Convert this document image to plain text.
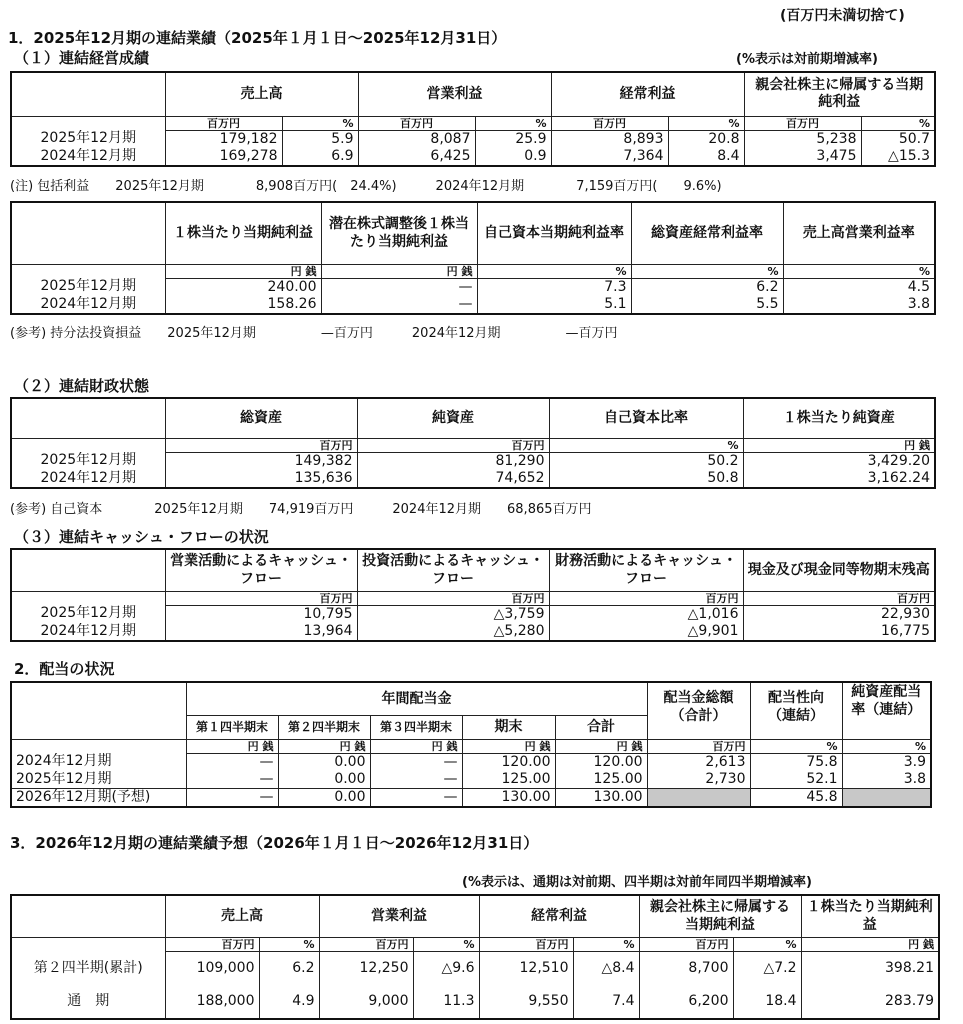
(百万円未満切捨て)
1．2025年12月期の連結業績（2025年１月１日～2025年12月31日）
（１）連結経営成績	(%表示は対前期増減率)
	売上高		営業利益		経常利益		親会社株主に帰属する当期純利益	
	百万円	%	百万円	%	百万円	%	百万円	%
2025年12月期	179,182	5.9	8,087	25.9	8,893	20.8	5,238	50.7
2024年12月期	169,278	6.9	6,425	0.9	7,364	8.4	3,475	△15.3
(注) 包括利益　　2025年12月期　　　　8,908百万円(　24.4%)　　　2024年12月期　　　　7,159百万円(　　9.6%)
	１株当たり当期純利益	潜在株式調整後１株当たり当期純利益	自己資本当期純利益率	総資産経常利益率	売上高営業利益率
	円 銭	円 銭	%	%	%
2025年12月期	240.00	—	7.3	6.2	4.5
2024年12月期	158.26	—	5.1	5.5	3.8
(参考) 持分法投資損益　　2025年12月期　　　　　—百万円　　　2024年12月期　　　　　—百万円
（２）連結財政状態
	総資産	純資産	自己資本比率	１株当たり純資産
	百万円	百万円	%	円 銭
2025年12月期	149,382	81,290	50.2	3,429.20
2024年12月期	135,636	74,652	50.8	3,162.24
(参考) 自己資本　　　　2025年12月期　　74,919百万円　　　2024年12月期　　68,865百万円
（３）連結キャッシュ・フローの状況
	営業活動によるキャッシュ・フロー	投資活動によるキャッシュ・フロー	財務活動によるキャッシュ・フロー	現金及び現金同等物期末残高
	百万円	百万円	百万円	百万円
2025年12月期	10,795	△3,759	△1,016	22,930
2024年12月期	13,964	△5,280	△9,901	16,775
2．配当の状況
	年間配当金					配当金総額（合計）	配当性向（連結）	純資産配当率（連結）
	第１四半期末	第２四半期末	第３四半期末	期末	合計			
	円 銭	円 銭	円 銭	円 銭	円 銭	百万円	%	%
2024年12月期	—	0.00	—	120.00	120.00	2,613	75.8	3.9
2025年12月期	—	0.00	—	125.00	125.00	2,730	52.1	3.8
2026年12月期(予想)	—	0.00	—	130.00	130.00		45.8	
3．2026年12月期の連結業績予想（2026年１月１日～2026年12月31日）
(%表示は、通期は対前期、四半期は対前年同四半期増減率)
	売上高		営業利益		経常利益		親会社株主に帰属する当期純利益		１株当たり当期純利益
	百万円	%	百万円	%	百万円	%	百万円	%	円 銭
第２四半期(累計)	109,000	6.2	12,250	△9.6	12,510	△8.4	8,700	△7.2	398.21
通　期	188,000	4.9	9,000	11.3	9,550	7.4	6,200	18.4	283.79
